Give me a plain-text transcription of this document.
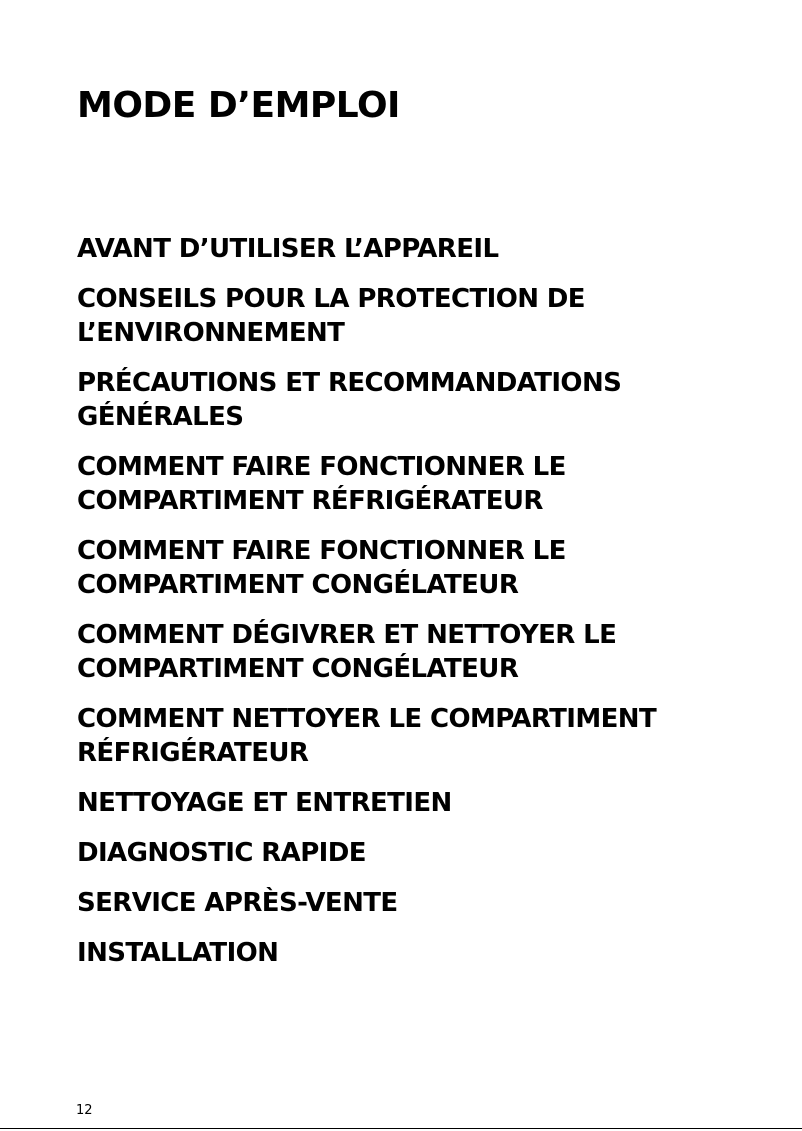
MODE D’EMPLOI
AVANT D’UTILISER L’APPAREIL
CONSEILS POUR LA PROTECTION DE
L’ENVIRONNEMENT
PRÉCAUTIONS ET RECOMMANDATIONS
GÉNÉRALES
COMMENT FAIRE FONCTIONNER LE
COMPARTIMENT RÉFRIGÉRATEUR
COMMENT FAIRE FONCTIONNER LE
COMPARTIMENT CONGÉLATEUR
COMMENT DÉGIVRER ET NETTOYER LE
COMPARTIMENT CONGÉLATEUR
COMMENT NETTOYER LE COMPARTIMENT
RÉFRIGÉRATEUR
NETTOYAGE ET ENTRETIEN
DIAGNOSTIC RAPIDE
SERVICE APRÈS-VENTE
INSTALLATION
12
